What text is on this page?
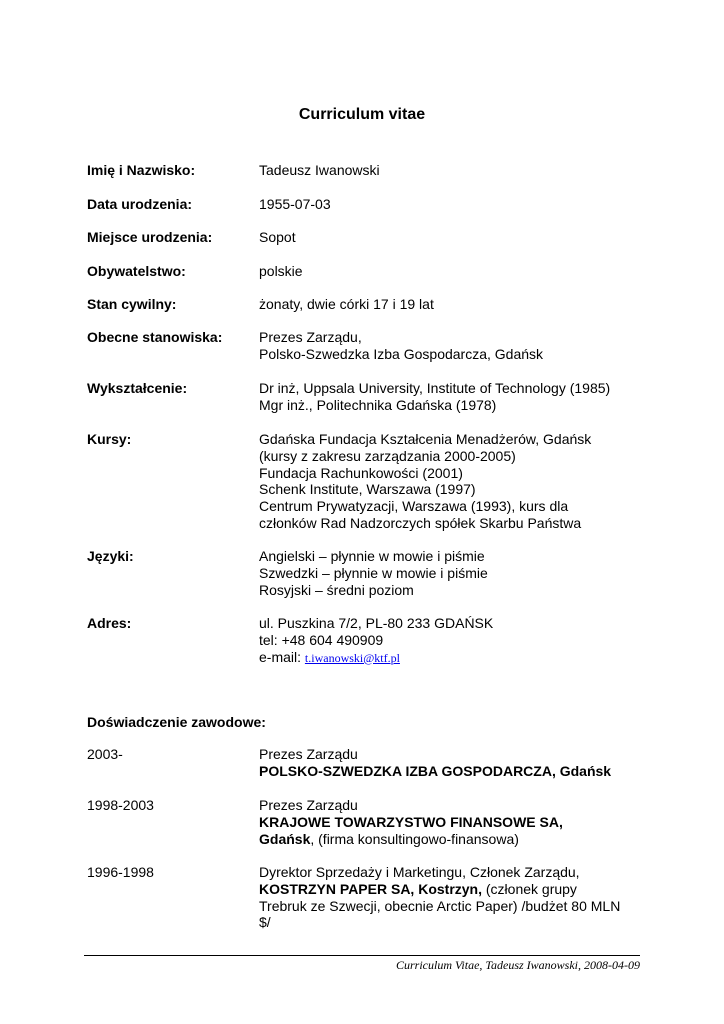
Curriculum vitae
Imię i Nazwisko:	Tadeusz Iwanowski
Data urodzenia:	1955-07-03
Miejsce urodzenia:	Sopot
Obywatelstwo:	polskie
Stan cywilny:	żonaty, dwie córki 17 i 19 lat
Obecne stanowiska:	Prezes Zarządu,
Polsko-Szwedzka Izba Gospodarcza, Gdańsk
Wykształcenie:	Dr inż, Uppsala University, Institute of Technology (1985)
Mgr inż., Politechnika Gdańska (1978)
Kursy:	Gdańska Fundacja Kształcenia Menadżerów, Gdańsk
(kursy z zakresu zarządzania 2000-2005)
Fundacja Rachunkowości (2001)
Schenk Institute, Warszawa (1997)
Centrum Prywatyzacji, Warszawa (1993), kurs dla
członków Rad Nadzorczych spółek Skarbu Państwa
Języki:	Angielski – płynnie w mowie i piśmie
Szwedzki – płynnie w mowie i piśmie
Rosyjski – średni poziom
Adres:	ul. Puszkina 7/2, PL-80 233 GDAŃSK
tel: +48 604 490909
e-mail: t.iwanowski@ktf.pl
Doświadczenie zawodowe:
2003-	Prezes Zarządu
POLSKO-SZWEDZKA IZBA GOSPODARCZA, Gdańsk
1998-2003	Prezes Zarządu
KRAJOWE TOWARZYSTWO FINANSOWE SA,
Gdańsk, (firma konsultingowo-finansowa)
1996-1998	Dyrektor Sprzedaży i Marketingu, Członek Zarządu,
KOSTRZYN PAPER SA, Kostrzyn, (członek grupy
Trebruk ze Szwecji, obecnie Arctic Paper) /budżet 80 MLN
$/
Curriculum Vitae, Tadeusz Iwanowski, 2008-04-09
